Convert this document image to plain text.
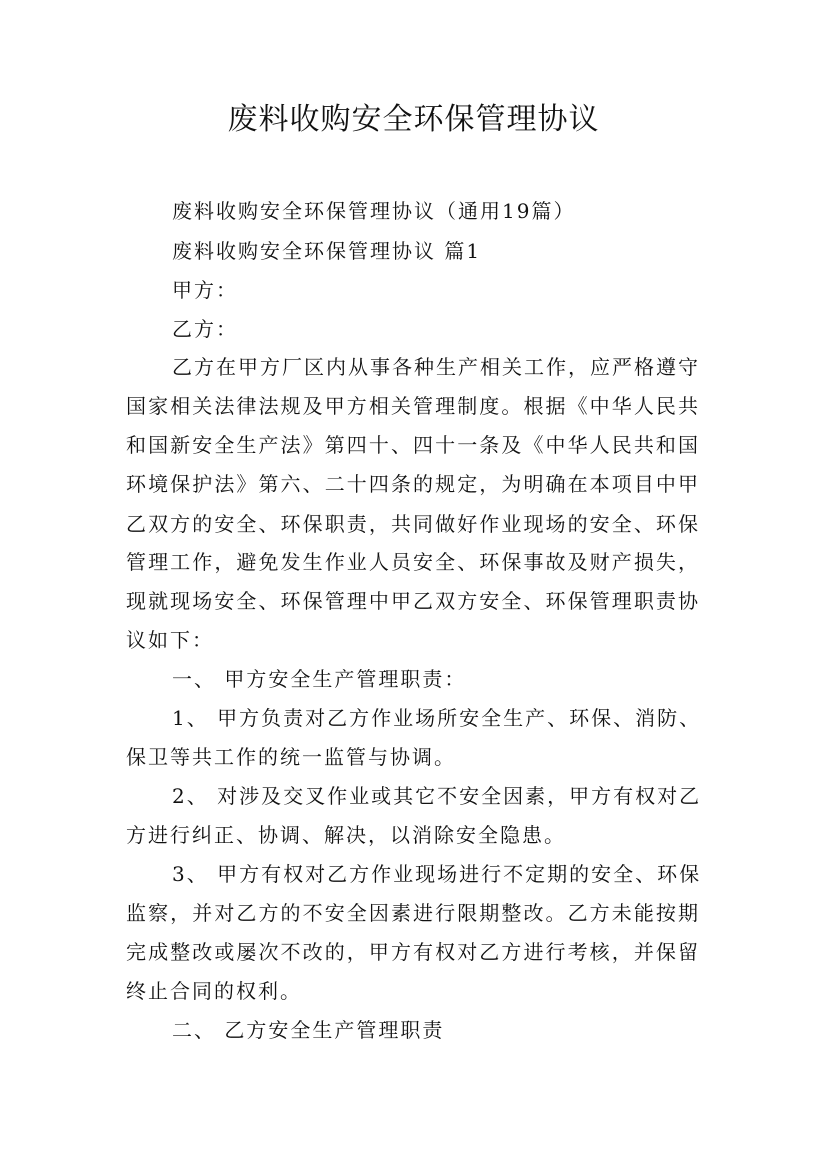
废料收购安全环保管理协议
废料收购安全环保管理协议（通用19篇）
废料收购安全环保管理协议 篇1
甲方：
乙方：
乙方在甲方厂区内从事各种生产相关工作，应严格遵守
国家相关法律法规及甲方相关管理制度。根据《中华人民共
和国新安全生产法》第四十、四十一条及《中华人民共和国
环境保护法》第六、二十四条的规定，为明确在本项目中甲
乙双方的安全、环保职责，共同做好作业现场的安全、环保
管理工作，避免发生作业人员安全、环保事故及财产损失，
现就现场安全、环保管理中甲乙双方安全、环保管理职责协
议如下：
一、 甲方安全生产管理职责：
1、 甲方负责对乙方作业场所安全生产、环保、消防、
保卫等共工作的统一监管与协调。
2、 对涉及交叉作业或其它不安全因素，甲方有权对乙
方进行纠正、协调、解决，以消除安全隐患。
3、 甲方有权对乙方作业现场进行不定期的安全、环保
监察，并对乙方的不安全因素进行限期整改。乙方未能按期
完成整改或屡次不改的，甲方有权对乙方进行考核，并保留
终止合同的权利。
二、 乙方安全生产管理职责
